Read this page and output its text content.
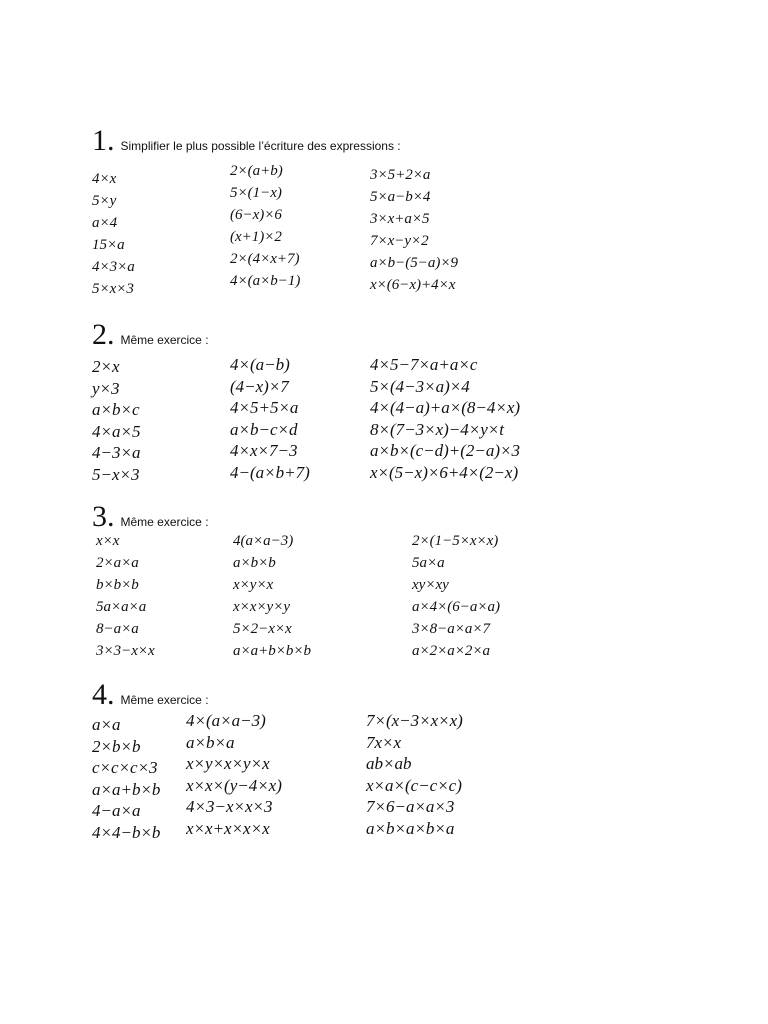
1. Simplifier le plus possible l’écriture des expressions :
4×x
5×y
a×4
15×a
4×3×a
5×x×3
2×(a+b)
5×(1−x)
(6−x)×6
(x+1)×2
2×(4×x+7)
4×(a×b−1)
3×5+2×a
5×a−b×4
3×x+a×5
7×x−y×2
a×b−(5−a)×9
x×(6−x)+4×x
2. Même exercice :
2×x
y×3
a×b×c
4×a×5
4−3×a
5−x×3
4×(a−b)
(4−x)×7
4×5+5×a
a×b−c×d
4×x×7−3
4−(a×b+7)
4×5−7×a+a×c
5×(4−3×a)×4
4×(4−a)+a×(8−4×x)
8×(7−3×x)−4×y×t
a×b×(c−d)+(2−a)×3
x×(5−x)×6+4×(2−x)
3. Même exercice :
x×x
2×a×a
b×b×b
5a×a×a
8−a×a
3×3−x×x
4(a×a−3)
a×b×b
x×y×x
x×x×y×y
5×2−x×x
a×a+b×b×b
2×(1−5×x×x)
5a×a
xy×xy
a×4×(6−a×a)
3×8−a×a×7
a×2×a×2×a
4. Même exercice :
a×a
2×b×b
c×c×c×3
a×a+b×b
4−a×a
4×4−b×b
4×(a×a−3)
a×b×a
x×y×x×y×x
x×x×(y−4×x)
4×3−x×x×3
x×x+x×x×x
7×(x−3×x×x)
7x×x
ab×ab
x×a×(c−c×c)
7×6−a×a×3
a×b×a×b×a
